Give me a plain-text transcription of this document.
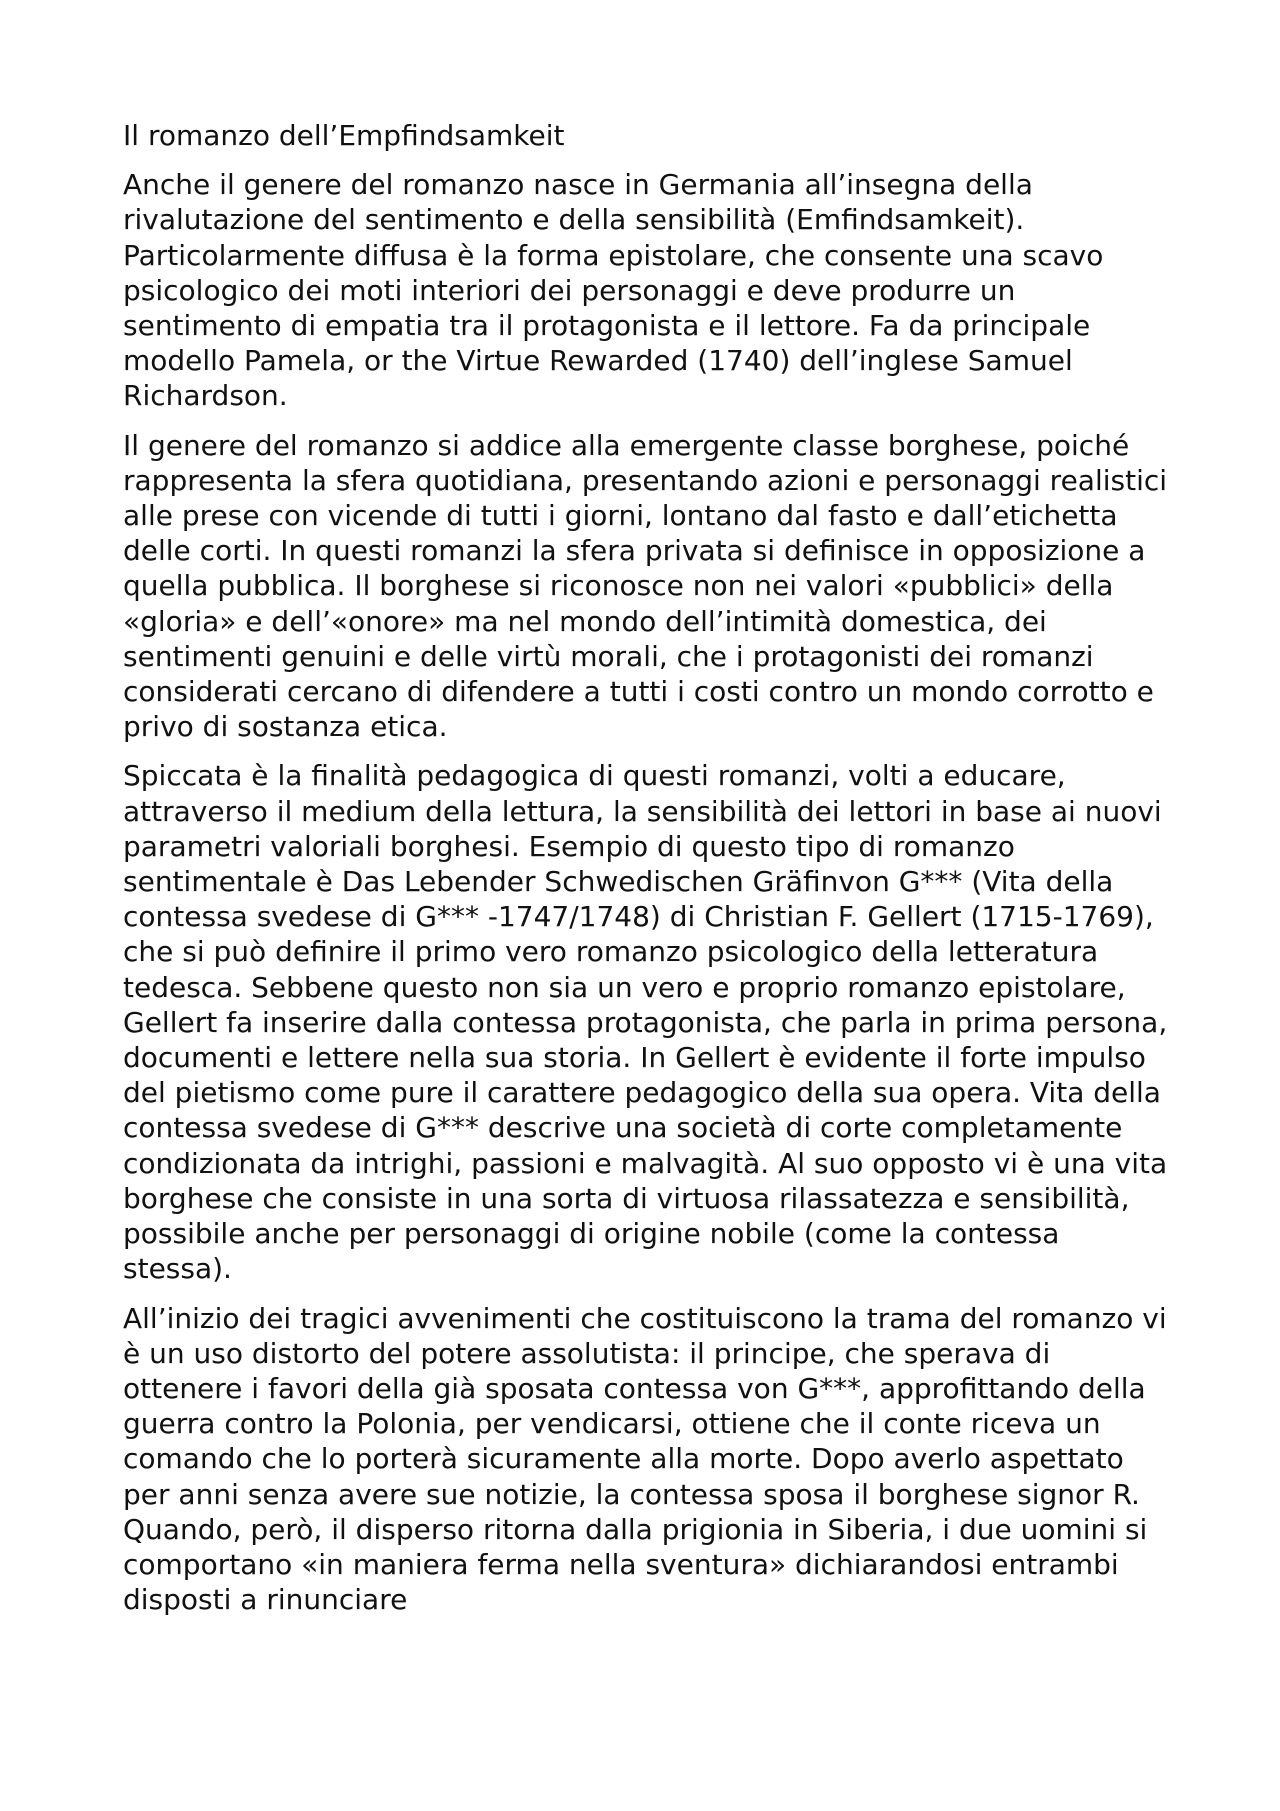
Il romanzo dell’Empfindsamkeit

Anche il genere del romanzo nasce in Germania all’insegna della rivalutazione del sentimento e della sensibilità (Emfindsamkeit). Particolarmente diffusa è la forma epistolare, che consente una scavo psicologico dei moti interiori dei personaggi e deve produrre un sentimento di empatia tra il protagonista e il lettore. Fa da principale modello Pamela, or the Virtue Rewarded (1740) dell’inglese Samuel Richardson.

Il genere del romanzo si addice alla emergente classe borghese, poiché rappresenta la sfera quotidiana, presentando azioni e personaggi realistici alle prese con vicende di tutti i giorni, lontano dal fasto e dall’etichetta delle corti. In questi romanzi la sfera privata si definisce in opposizione a quella pubblica. Il borghese si riconosce non nei valori «pubblici» della «gloria» e dell’«onore» ma nel mondo dell’intimità domestica, dei sentimenti genuini e delle virtù morali, che i protagonisti dei romanzi considerati cercano di difendere a tutti i costi contro un mondo corrotto e privo di sostanza etica.

Spiccata è la finalità pedagogica di questi romanzi, volti a educare, attraverso il medium della lettura, la sensibilità dei lettori in base ai nuovi parametri valoriali borghesi. Esempio di questo tipo di romanzo sentimentale è Das Lebender Schwedischen Gräfinvon G*** (Vita della contessa svedese di G*** -1747/1748) di Christian F. Gellert (1715-1769), che si può definire il primo vero romanzo psicologico della letteratura tedesca. Sebbene questo non sia un vero e proprio romanzo epistolare, Gellert fa inserire dalla contessa protagonista, che parla in prima persona, documenti e lettere nella sua storia. In Gellert è evidente il forte impulso del pietismo come pure il carattere pedagogico della sua opera. Vita della contessa svedese di G*** descrive una società di corte completamente condizionata da intrighi, passioni e malvagità. Al suo opposto vi è una vita borghese che consiste in una sorta di virtuosa rilassatezza e sensibilità, possibile anche per personaggi di origine nobile (come la contessa stessa).

All’inizio dei tragici avvenimenti che costituiscono la trama del romanzo vi è un uso distorto del potere assolutista: il principe, che sperava di ottenere i favori della già sposata contessa von G***, approfittando della guerra contro la Polonia, per vendicarsi, ottiene che il conte riceva un comando che lo porterà sicuramente alla morte. Dopo averlo aspettato per anni senza avere sue notizie, la contessa sposa il borghese signor R. Quando, però, il disperso ritorna dalla prigionia in Siberia, i due uomini si comportano «in maniera ferma nella sventura» dichiarandosi entrambi disposti a rinunciare
